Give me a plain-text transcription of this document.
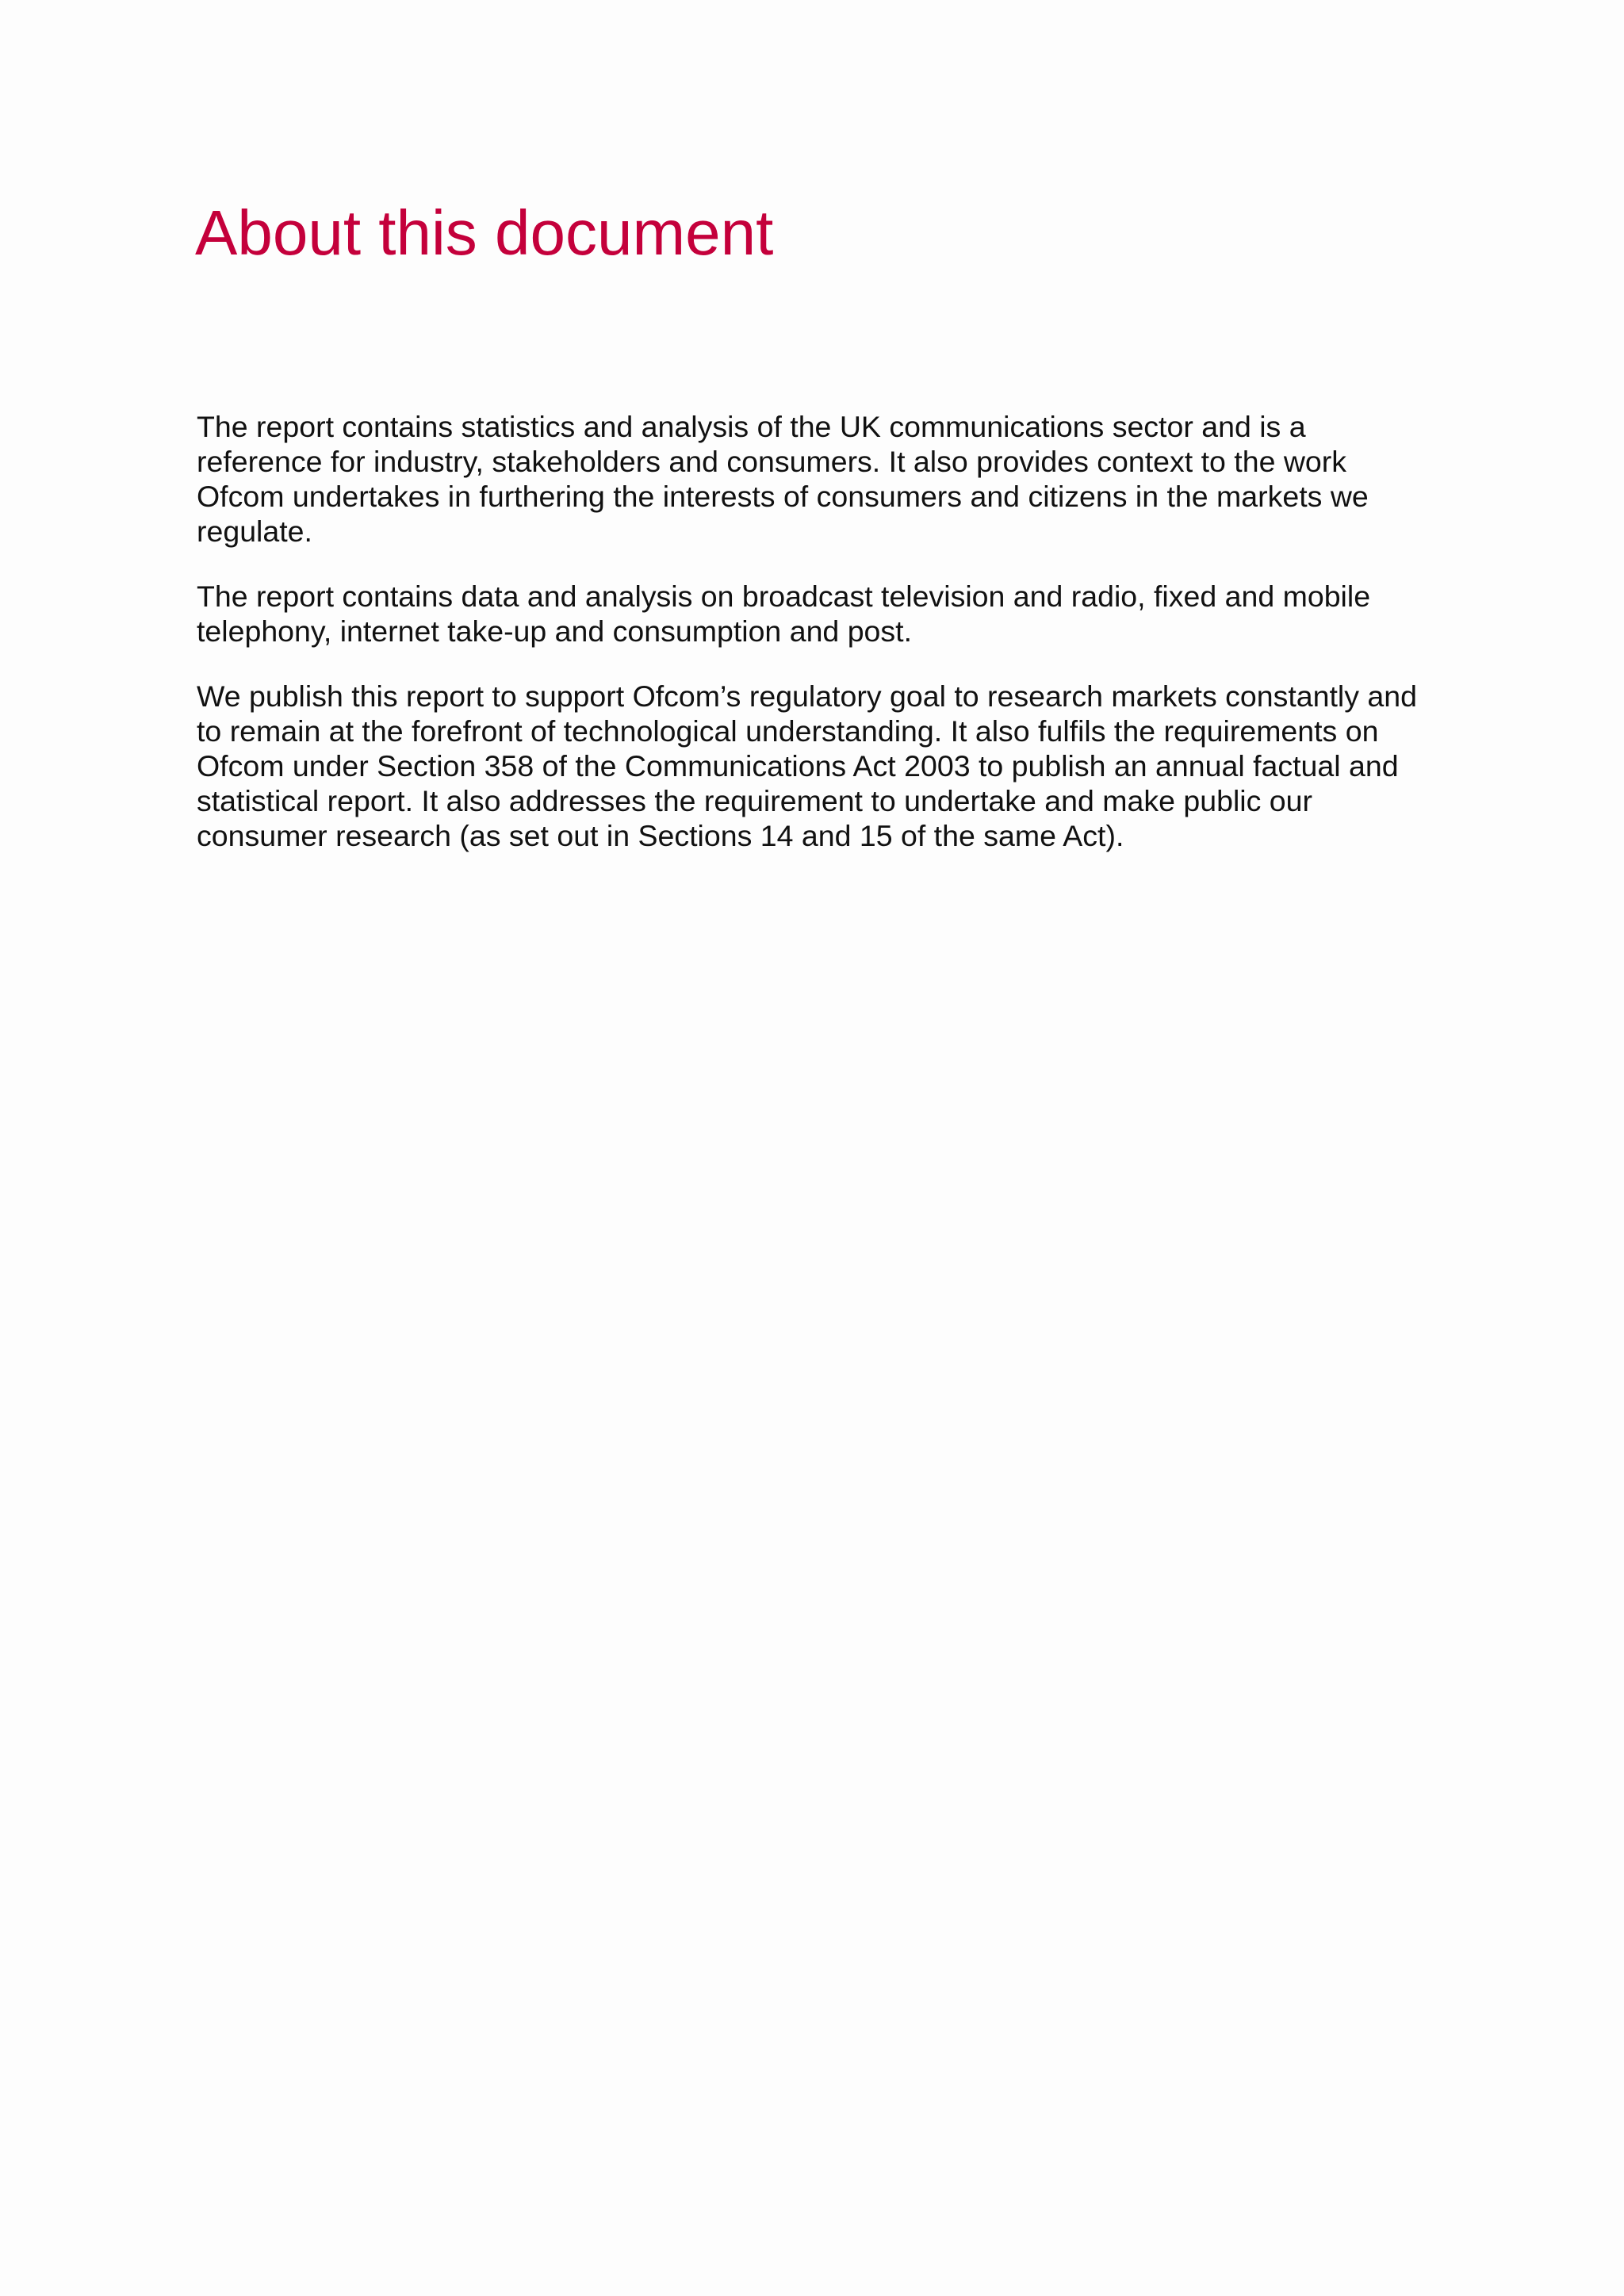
About this document

The report contains statistics and analysis of the UK communications sector and is a reference for industry, stakeholders and consumers. It also provides context to the work Ofcom undertakes in furthering the interests of consumers and citizens in the markets we regulate.

The report contains data and analysis on broadcast television and radio, fixed and mobile telephony, internet take-up and consumption and post.

We publish this report to support Ofcom’s regulatory goal to research markets constantly and to remain at the forefront of technological understanding. It also fulfils the requirements on Ofcom under Section 358 of the Communications Act 2003 to publish an annual factual and statistical report. It also addresses the requirement to undertake and make public our consumer research (as set out in Sections 14 and 15 of the same Act).
